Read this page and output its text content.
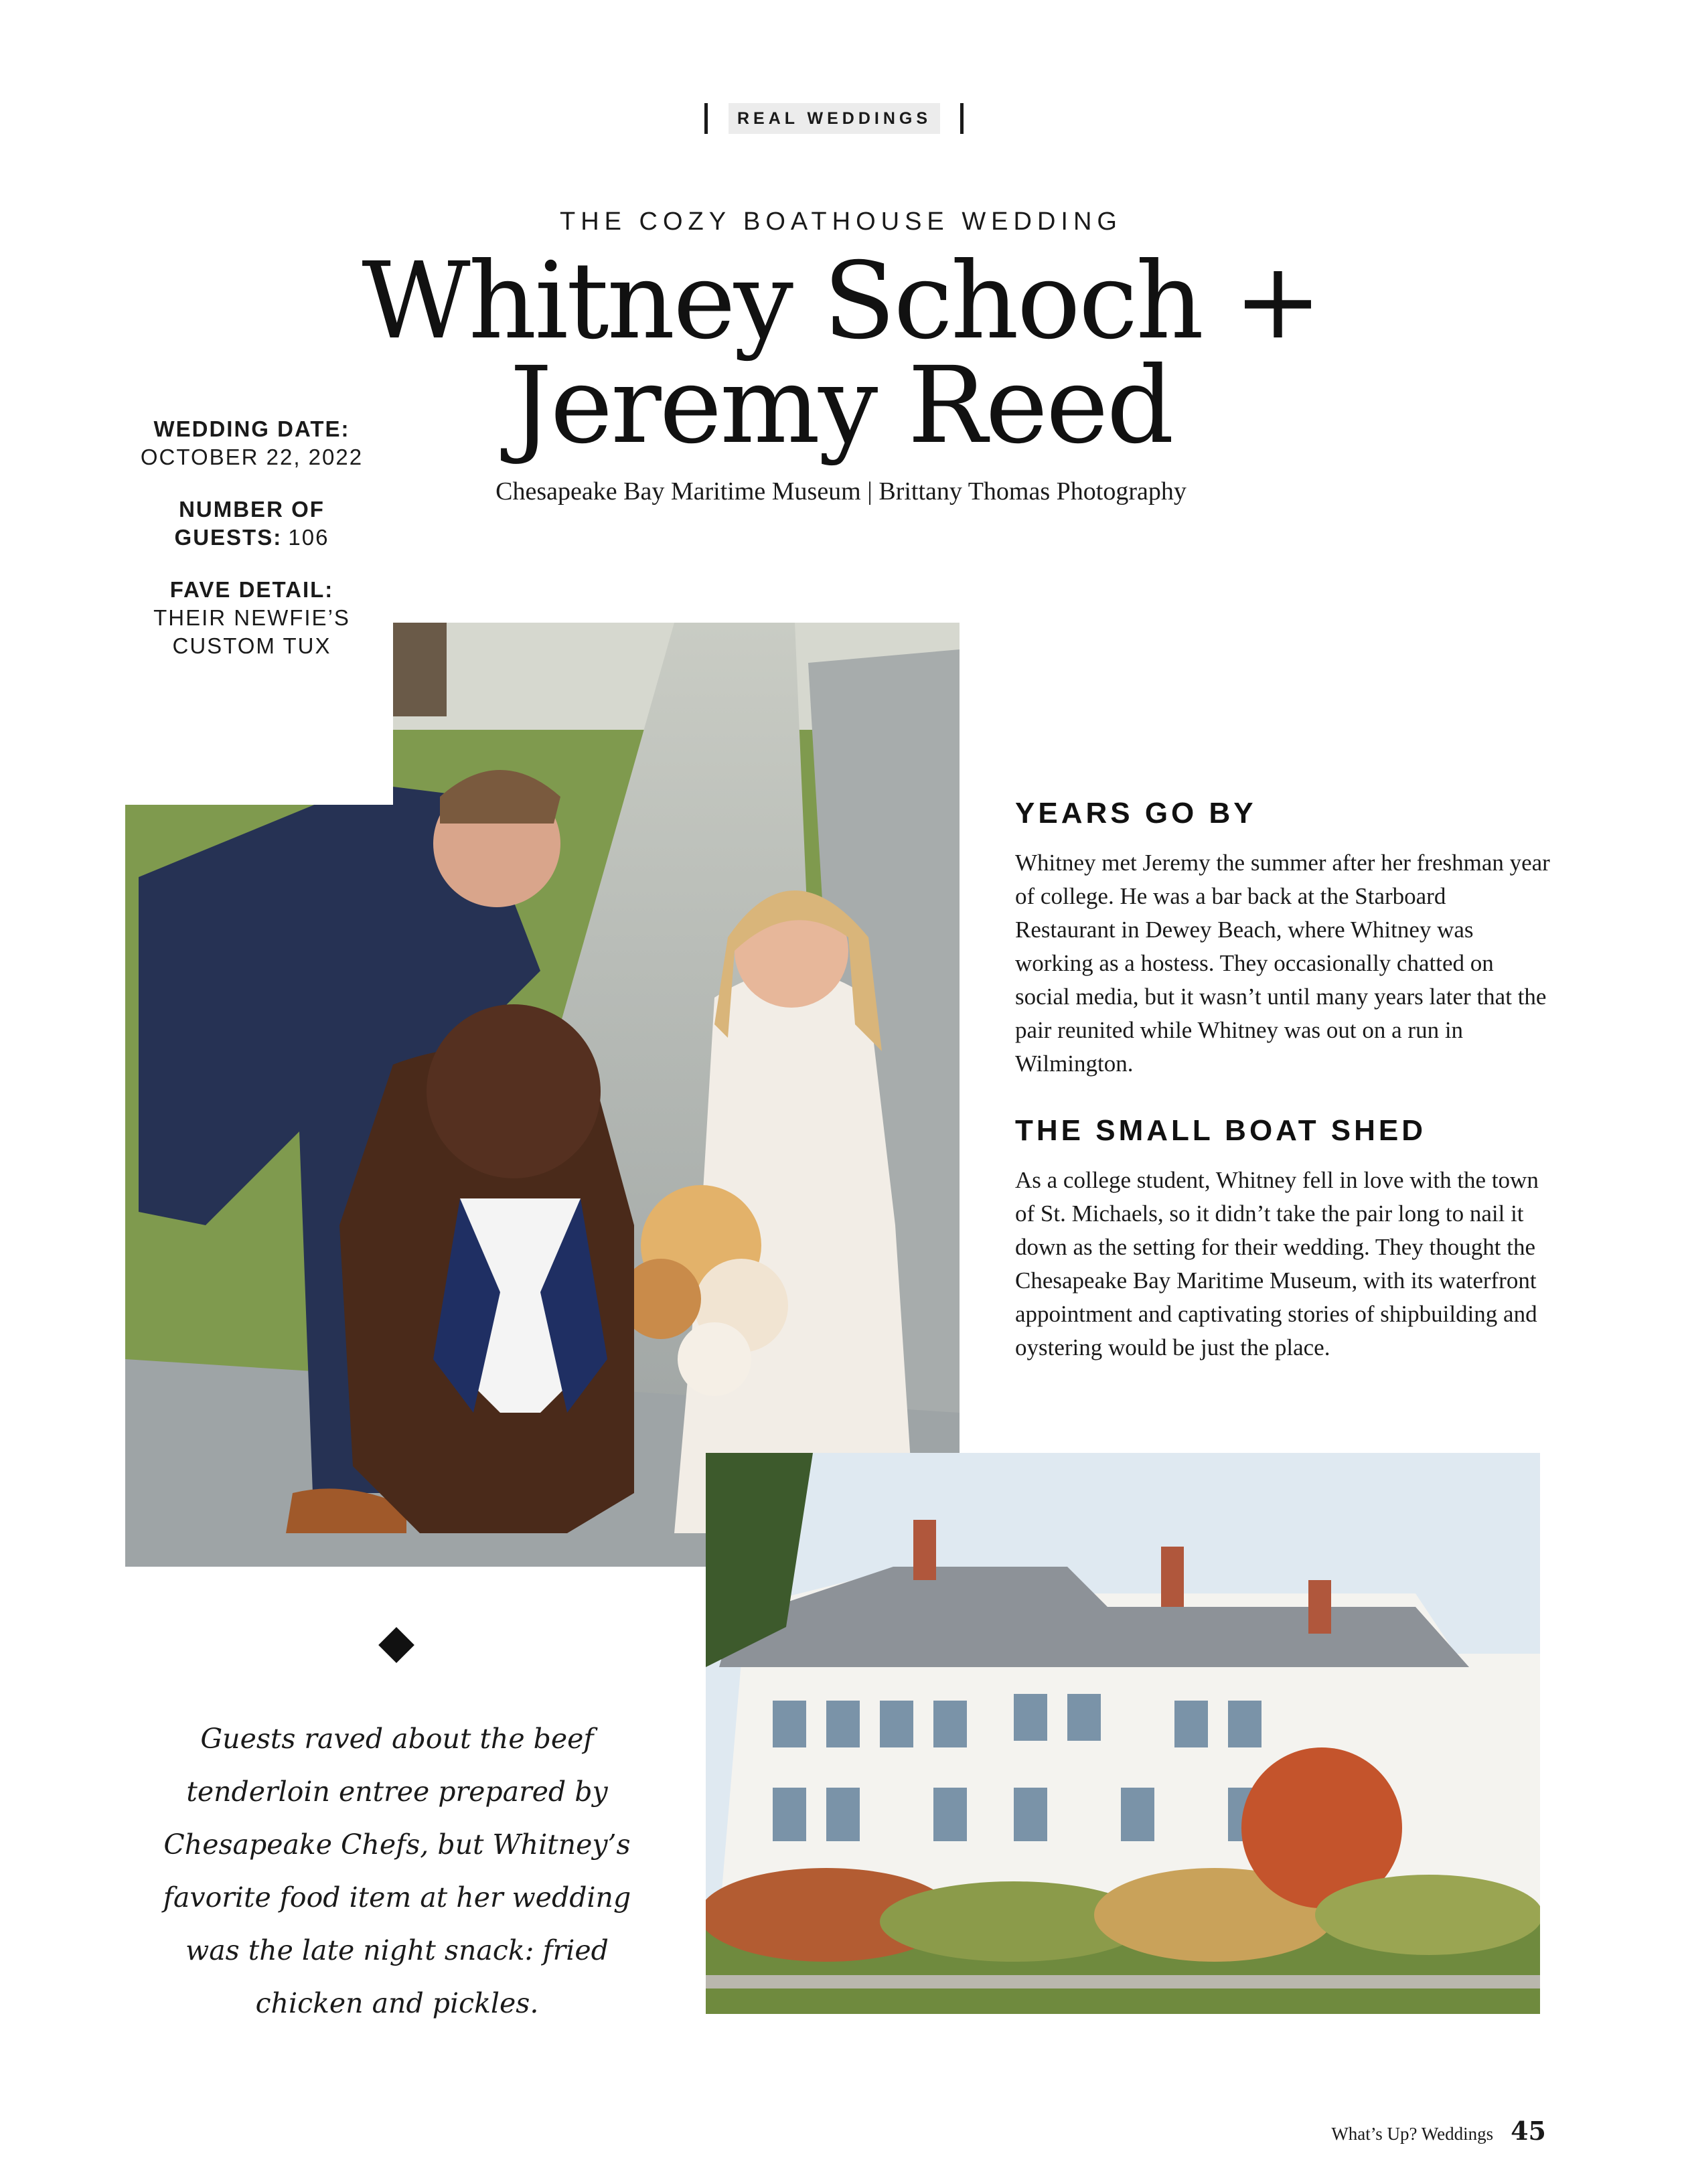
REAL WEDDINGS
THE COZY BOATHOUSE WEDDING
Whitney Schoch +
Jeremy Reed
Chesapeake Bay Maritime Museum | Brittany Thomas Photography
WEDDING DATE:
OCTOBER 22, 2022
NUMBER OF GUESTS: 106
FAVE DETAIL:
THEIR NEWFIE’S CUSTOM TUX
YEARS GO BY

Whitney met Jeremy the summer after her freshman year of college. He was a bar back at the Starboard Restaurant in Dewey Beach, where Whitney was working as a hostess. They occasionally chatted on social media, but it wasn’t until many years later that the pair reunited while Whitney was out on a run in Wilmington.

THE SMALL BOAT SHED

As a college student, Whitney fell in love with the town of St. Michaels, so it didn’t take the pair long to nail it down as the setting for their wedding. They thought the Chesapeake Bay Maritime Museum, with its waterfront appointment and captivating stories of shipbuilding and oystering would be just the place.

Guests raved about the beef tenderloin entree prepared by Chesapeake Chefs, but Whitney’s favorite food item at her wedding was the late night snack: fried chicken and pickles.
What’s Up? Weddings 45
